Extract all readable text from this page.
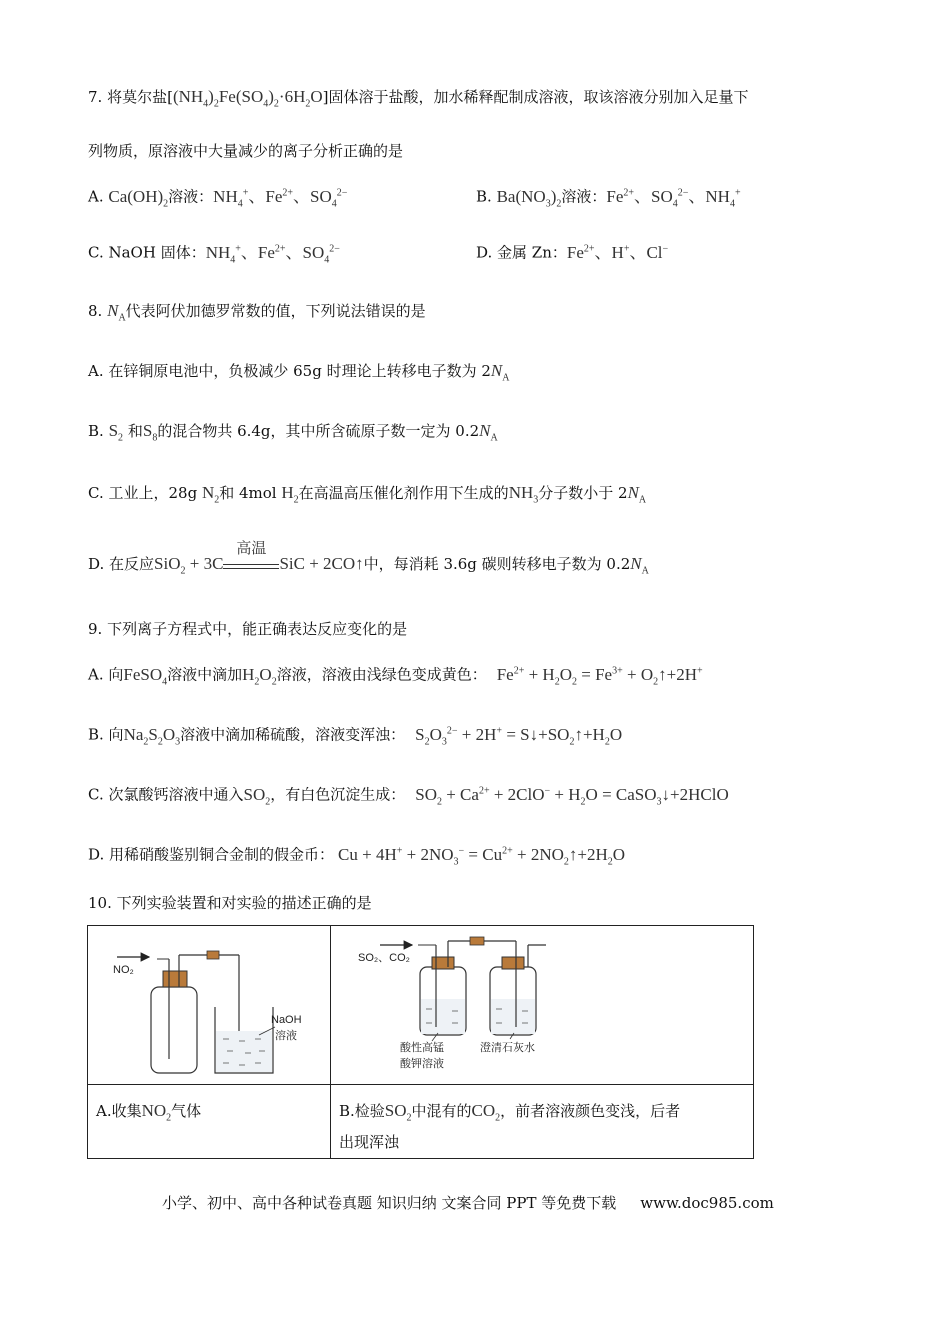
7. 将莫尔盐$[(NH_4)_2Fe(SO_4)_2\cdot 6H_2O]$固体溶于盐酸，加水稀释配制成溶液，取该溶液分别加入足量下
列物质，原溶液中大量减少的离子分析正确的是
A. $Ca(OH)_2$溶液：$NH_4^+$、$Fe^{2+}$、$SO_4^{2-}$	B. $Ba(NO_3)_2$溶液：$Fe^{2+}$、$SO_4^{2-}$、$NH_4^+$
C. NaOH 固体：$NH_4^+$、$Fe^{2+}$、$SO_4^{2-}$	D. 金属 Zn：$Fe^{2+}$、H+、Cl−
8. $N_A$代表阿伏加德罗常数的值，下列说法错误的是
A. 在锌铜原电池中，负极减少 65g 时理论上转移电子数为 $2N_A$
B. $S_2$ 和$S_8$的混合物共 6.4g，其中所含硫原子数一定为 $0.2N_A$
C. 工业上，28g $N_2$和 4mol $H_2$在高温高压催化剂作用下生成的$NH_3$分子数小于 $2N_A$
D. 在反应SiO$_2$ + 3C
高温
SiC + 2CO↑中，每消耗 3.6g 碳则转移电子数为 $0.2N_A$
9. 下列离子方程式中，能正确表达反应变化的是
A. 向FeSO$_4$溶液中滴加$H_2O_2$溶液，溶液由浅绿色变成黄色： $Fe^{2+} + H_2O_2 = Fe^{3+}$ + $O_2↑+2H^+$
B. 向$Na_2S_2O_3$溶液中滴加稀硫酸，溶液变浑浊： $S_2O_3^{2-} + 2H^+$ = $S↓+SO_2↑+H_2O$
C. 次氯酸钙溶液中通入$SO_2$，有白色沉淀生成： $SO_2 + Ca^{2+} + 2ClO^- + H_2O$ = CaSO$_3$↓+2HClO
D. 用稀硝酸鉴别铜合金制的假金币： $Cu + 4H^+ + 2NO_3^- = Cu^{2+}$ + $2NO_2↑+2H_2O$
10. 下列实验装置和对实验的描述正确的是
NO₂
NaOH
溶液	SO₂、CO₂
酸性高锰
酸钾溶液
澄清石灰水

A.收集$NO_2$气体	B.检验$SO_2$中混有的$CO_2$，前者溶液颜色变浅，后者
出现浑浊
小学、初中、高中各种试卷真题 知识归纳 文案合同 PPT 等免费下载 www.doc985.com
